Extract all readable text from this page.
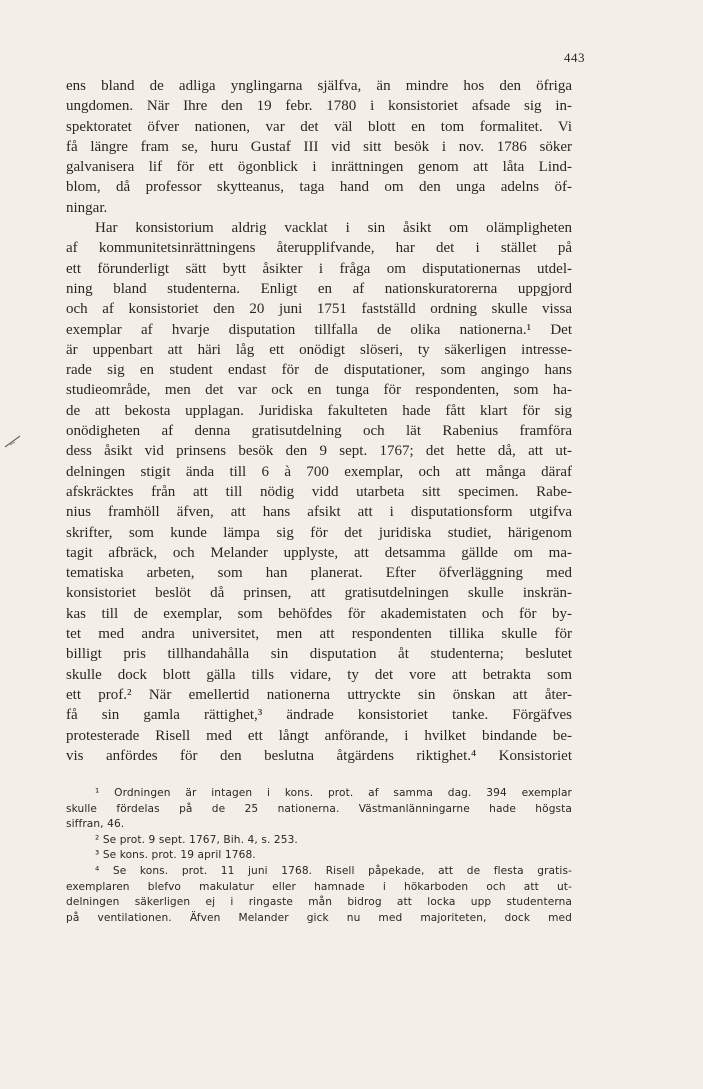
443
ens bland de adliga ynglingarna själfva, än mindre hos den öfriga
ungdomen. När Ihre den 19 febr. 1780 i konsistoriet afsade sig in-
spektoratet öfver nationen, var det väl blott en tom formalitet. Vi
få längre fram se, huru Gustaf III vid sitt besök i nov. 1786 söker
galvanisera lif för ett ögonblick i inrättningen genom att låta Lind-
blom, då professor skytteanus, taga hand om den unga adelns öf-
ningar.
Har konsistorium aldrig vacklat i sin åsikt om olämpligheten
af kommunitetsinrättningens återupplifvande, har det i stället på
ett förunderligt sätt bytt åsikter i fråga om disputationernas utdel-
ning bland studenterna. Enligt en af nationskuratorerna uppgjord
och af konsistoriet den 20 juni 1751 fastställd ordning skulle vissa
exemplar af hvarje disputation tillfalla de olika nationerna.¹ Det
är uppenbart att häri låg ett onödigt slöseri, ty säkerligen intresse-
rade sig en student endast för de disputationer, som angingo hans
studieområde, men det var ock en tunga för respondenten, som ha-
de att bekosta upplagan. Juridiska fakulteten hade fått klart för sig
onödigheten af denna gratisutdelning och lät Rabenius framföra
dess åsikt vid prinsens besök den 9 sept. 1767; det hette då, att ut-
delningen stigit ända till 6 à 700 exemplar, och att många däraf
afskräcktes från att till nödig vidd utarbeta sitt specimen. Rabe-
nius framhöll äfven, att hans afsikt att i disputationsform utgifva
skrifter, som kunde lämpa sig för det juridiska studiet, härigenom
tagit afbräck, och Melander upplyste, att detsamma gällde om ma-
tematiska arbeten, som han planerat. Efter öfverläggning med
konsistoriet beslöt då prinsen, att gratisutdelningen skulle inskrän-
kas till de exemplar, som behöfdes för akademistaten och för by-
tet med andra universitet, men att respondenten tillika skulle för
billigt pris tillhandahålla sin disputation åt studenterna; beslutet
skulle dock blott gälla tills vidare, ty det vore att betrakta som
ett prof.² När emellertid nationerna uttryckte sin önskan att åter-
få sin gamla rättighet,³ ändrade konsistoriet tanke. Förgäfves
protesterade Risell med ett långt anförande, i hvilket bindande be-
vis anfördes för den beslutna åtgärdens riktighet.⁴ Konsistoriet
¹ Ordningen är intagen i kons. prot. af samma dag. 394 exemplar
skulle fördelas på de 25 nationerna. Västmanlänningarne hade högsta
siffran, 46.
² Se prot. 9 sept. 1767, Bih. 4, s. 253.
³ Se kons. prot. 19 april 1768.
⁴ Se kons. prot. 11 juni 1768. Risell påpekade, att de flesta gratis-
exemplaren blefvo makulatur eller hamnade i hökarboden och att ut-
delningen säkerligen ej i ringaste mån bidrog att locka upp studenterna
på ventilationen. Äfven Melander gick nu med majoriteten, dock med
